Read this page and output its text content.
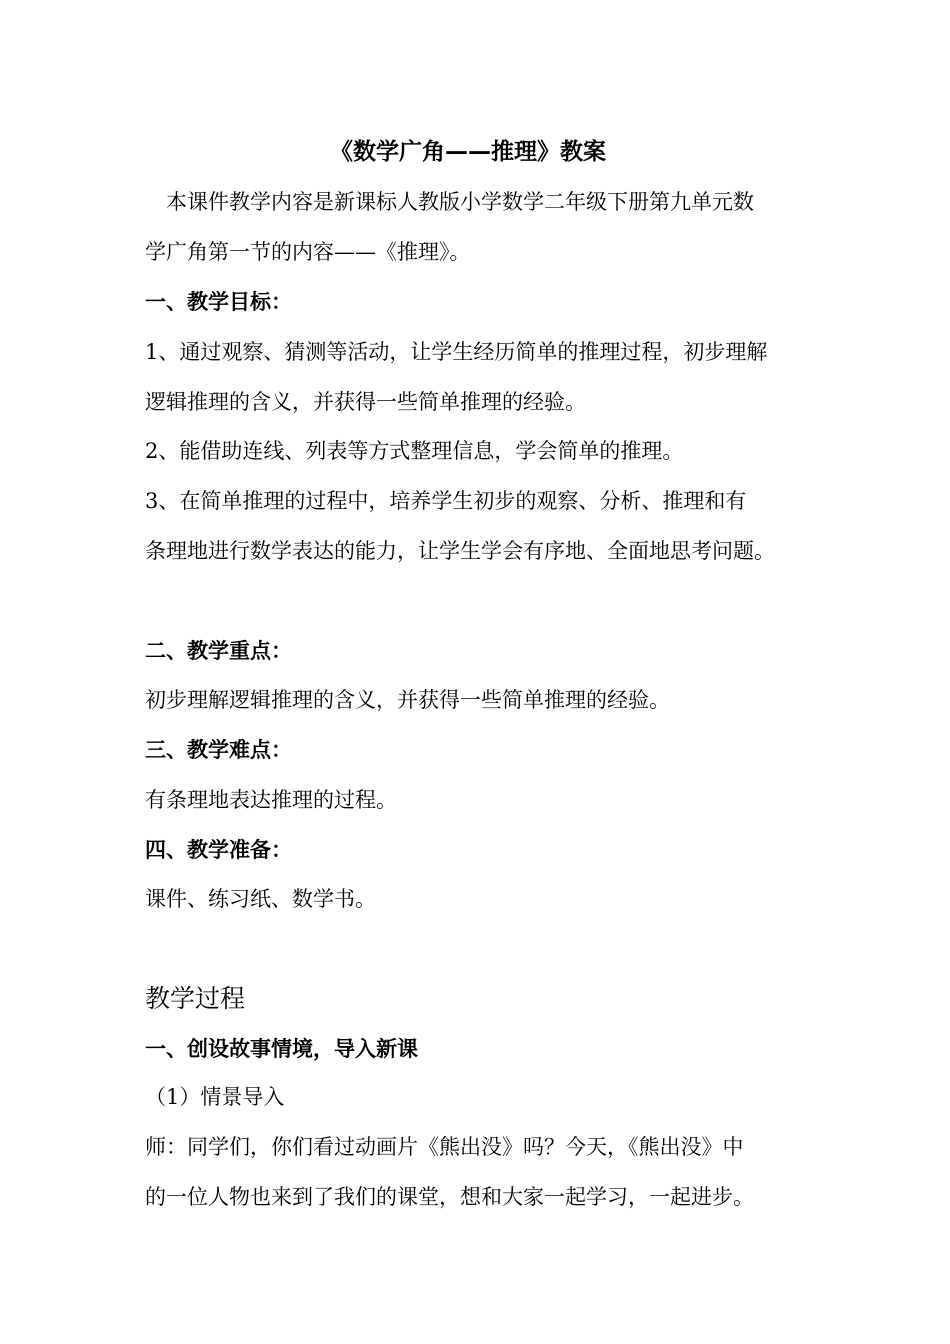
《数学广角——推理》教案
本课件教学内容是新课标人教版小学数学二年级下册第九单元数
学广角第一节的内容——《推理》。
一、教学目标：
1、通过观察、猜测等活动，让学生经历简单的推理过程，初步理解
逻辑推理的含义，并获得一些简单推理的经验。
2、能借助连线、列表等方式整理信息，学会简单的推理。
3、在简单推理的过程中，培养学生初步的观察、分析、推理和有
条理地进行数学表达的能力，让学生学会有序地、全面地思考问题。
二、教学重点：
初步理解逻辑推理的含义，并获得一些简单推理的经验。
三、教学难点：
有条理地表达推理的过程。
四、教学准备：
课件、练习纸、数学书。
教学过程
一、创设故事情境，导入新课
（1）情景导入
师：同学们，你们看过动画片《熊出没》吗？今天，《熊出没》中
的一位人物也来到了我们的课堂，想和大家一起学习，一起进步。
